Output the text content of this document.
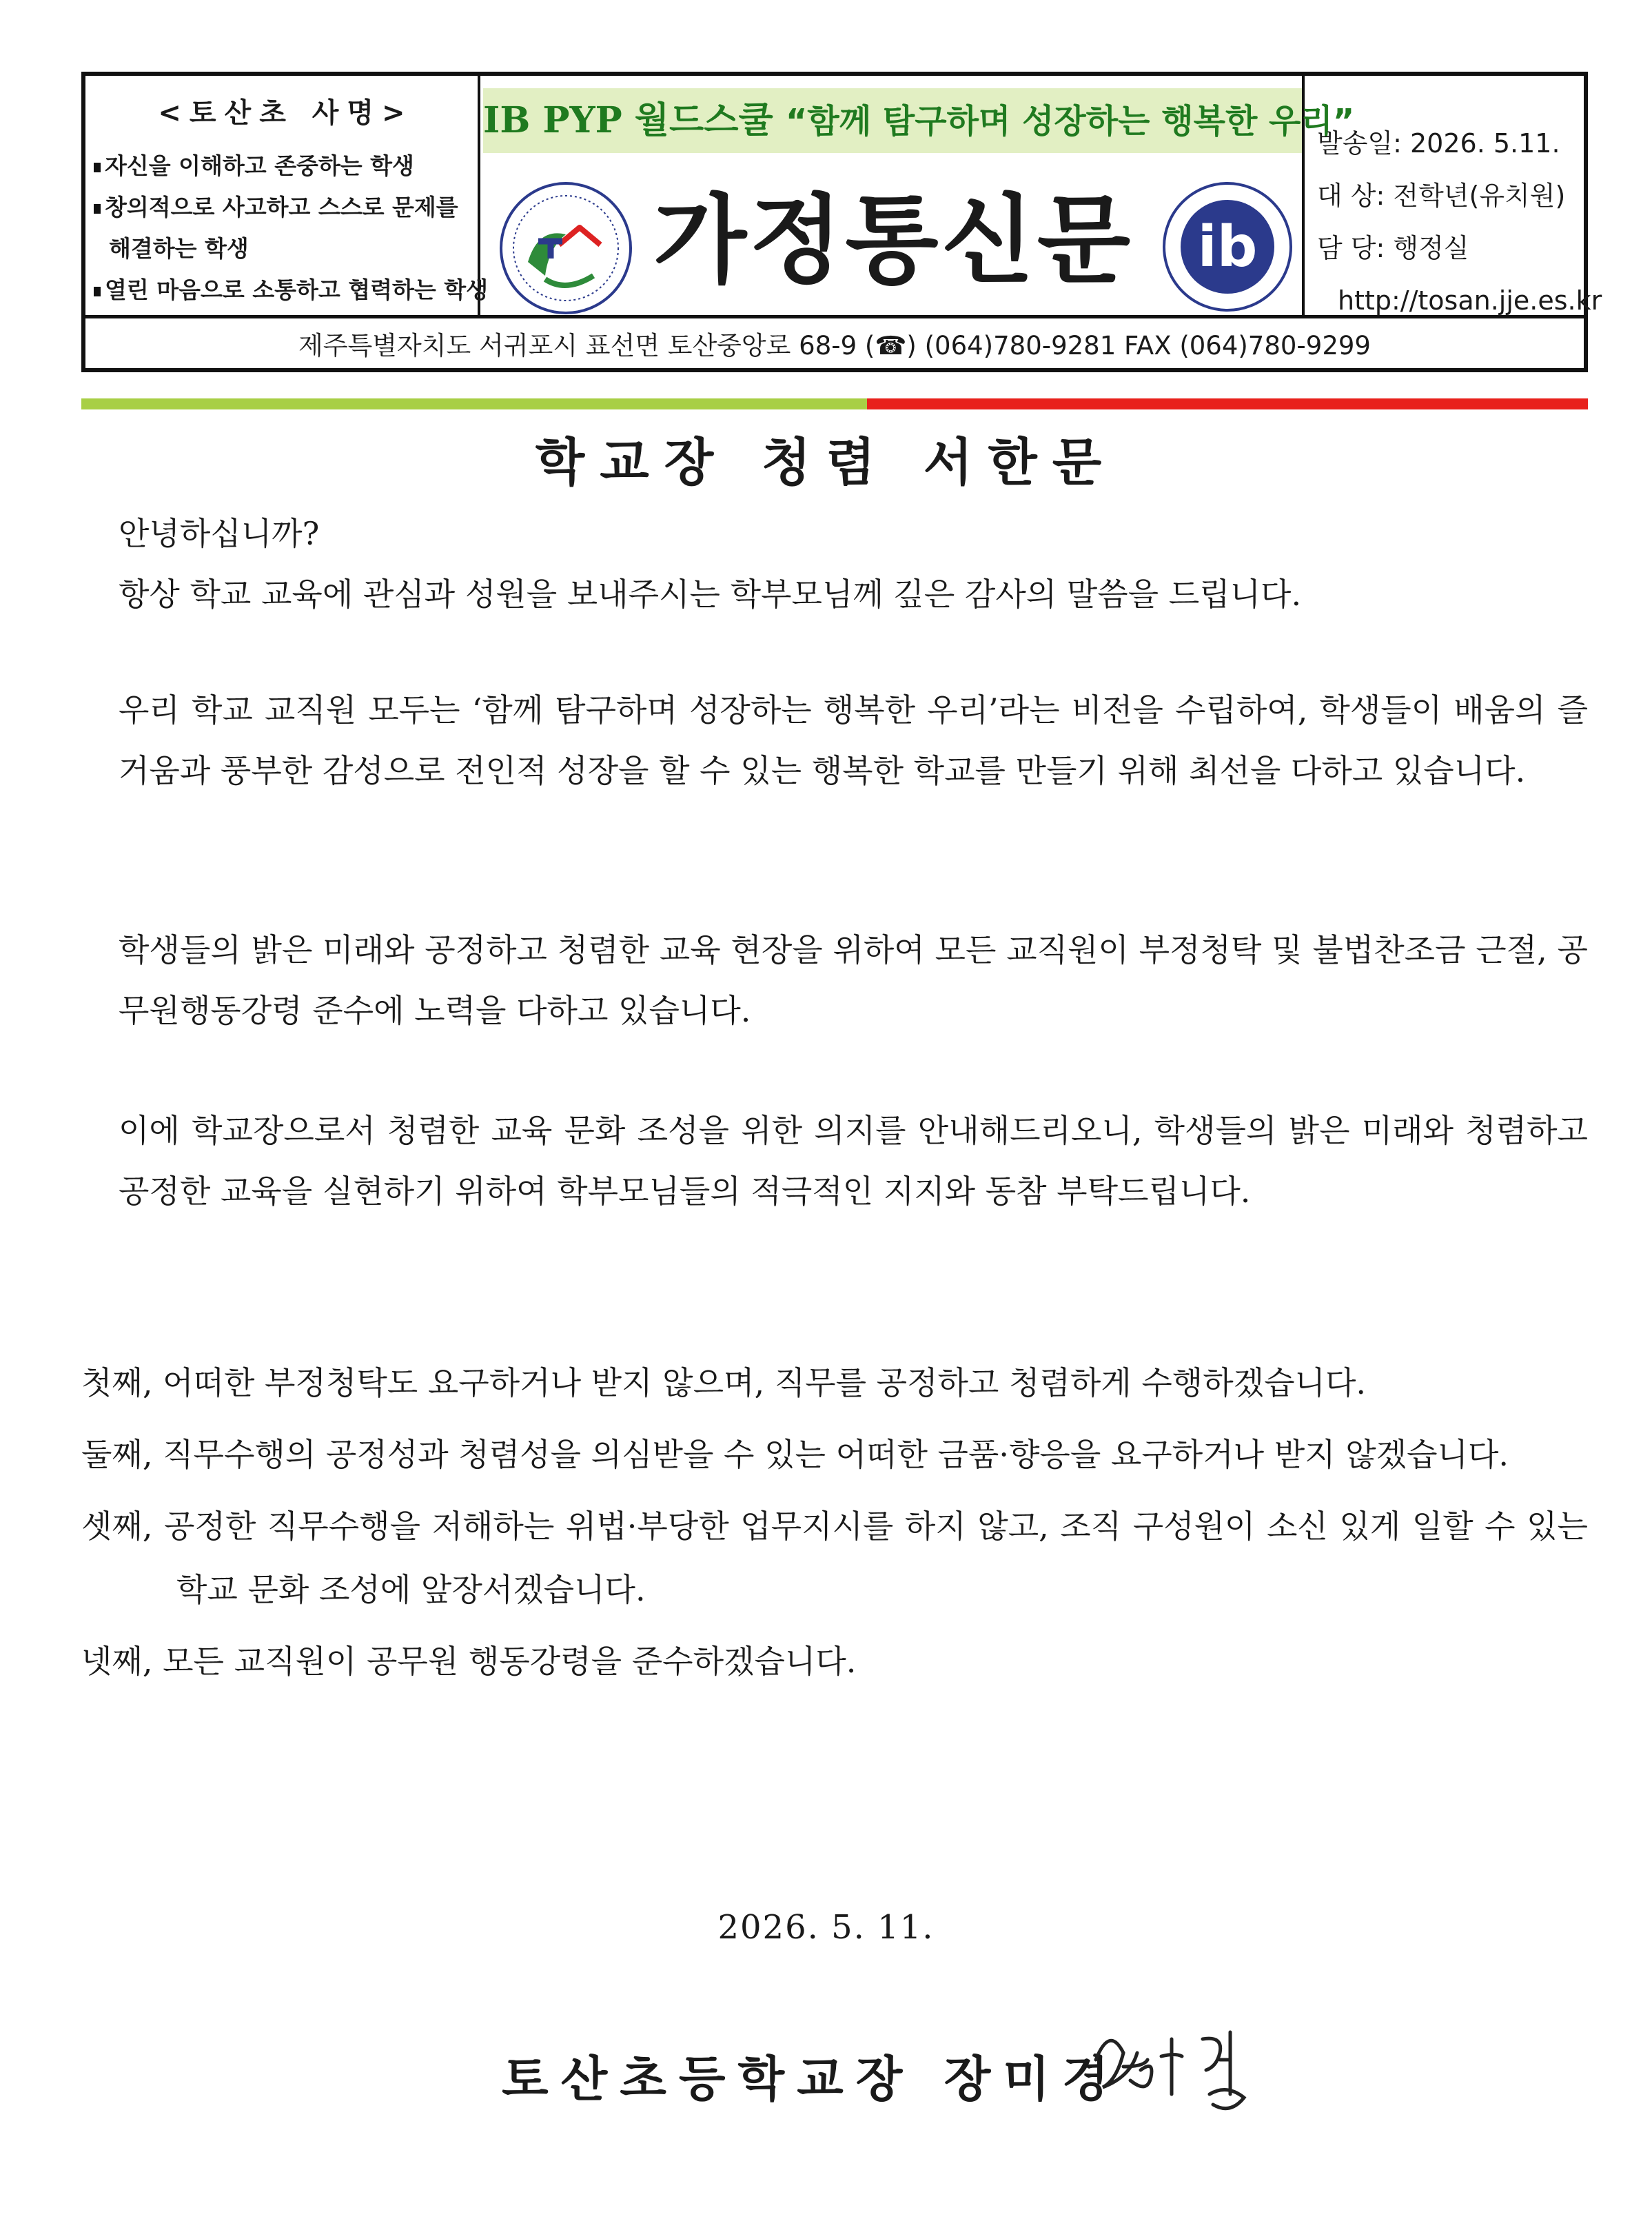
<토산초 사명>
자신을 이해하고 존중하는 학생
창의적으로 사고하고 스스로 문제를
해결하는 학생
열린 마음으로 소통하고 협력하는 학생
IB PYP 월드스쿨 “함께 탐구하며 성장하는 행복한 우리”
가정통신문	ib
발송일: 2026. 5.11.
대 상: 전학년(유치원)
담 당: 행정실
http://tosan.jje.es.kr
제주특별자치도 서귀포시 표선면 토산중앙로 68-9 (☎) (064)780-9281 FAX (064)780-9299
학교장 청렴 서한문

안녕하십니까?

항상 학교 교육에 관심과 성원을 보내주시는 학부모님께 깊은 감사의 말씀을 드립니다.

우리 학교 교직원 모두는 ‘함께 탐구하며 성장하는 행복한 우리’라는 비전을 수립하여, 학생들이 배움의 즐거움과 풍부한 감성으로 전인적 성장을 할 수 있는 행복한 학교를 만들기 위해 최선을 다하고 있습니다.

학생들의 밝은 미래와 공정하고 청렴한 교육 현장을 위하여 모든 교직원이 부정청탁 및 불법찬조금 근절, 공무원행동강령 준수에 노력을 다하고 있습니다.

이에 학교장으로서 청렴한 교육 문화 조성을 위한 의지를 안내해드리오니, 학생들의 밝은 미래와 청렴하고 공정한 교육을 실현하기 위하여 학부모님들의 적극적인 지지와 동참 부탁드립니다.

첫째, 어떠한 부정청탁도 요구하거나 받지 않으며, 직무를 공정하고 청렴하게 수행하겠습니다.

둘째, 직무수행의 공정성과 청렴성을 의심받을 수 있는 어떠한 금품·향응을 요구하거나 받지 않겠습니다.

셋째, 공정한 직무수행을 저해하는 위법·부당한 업무지시를 하지 않고, 조직 구성원이 소신 있게 일할 수 있는 학교 문화 조성에 앞장서겠습니다.

넷째, 모든 교직원이 공무원 행동강령을 준수하겠습니다.

2026. 5. 11.
토산초등학교장 장미경
